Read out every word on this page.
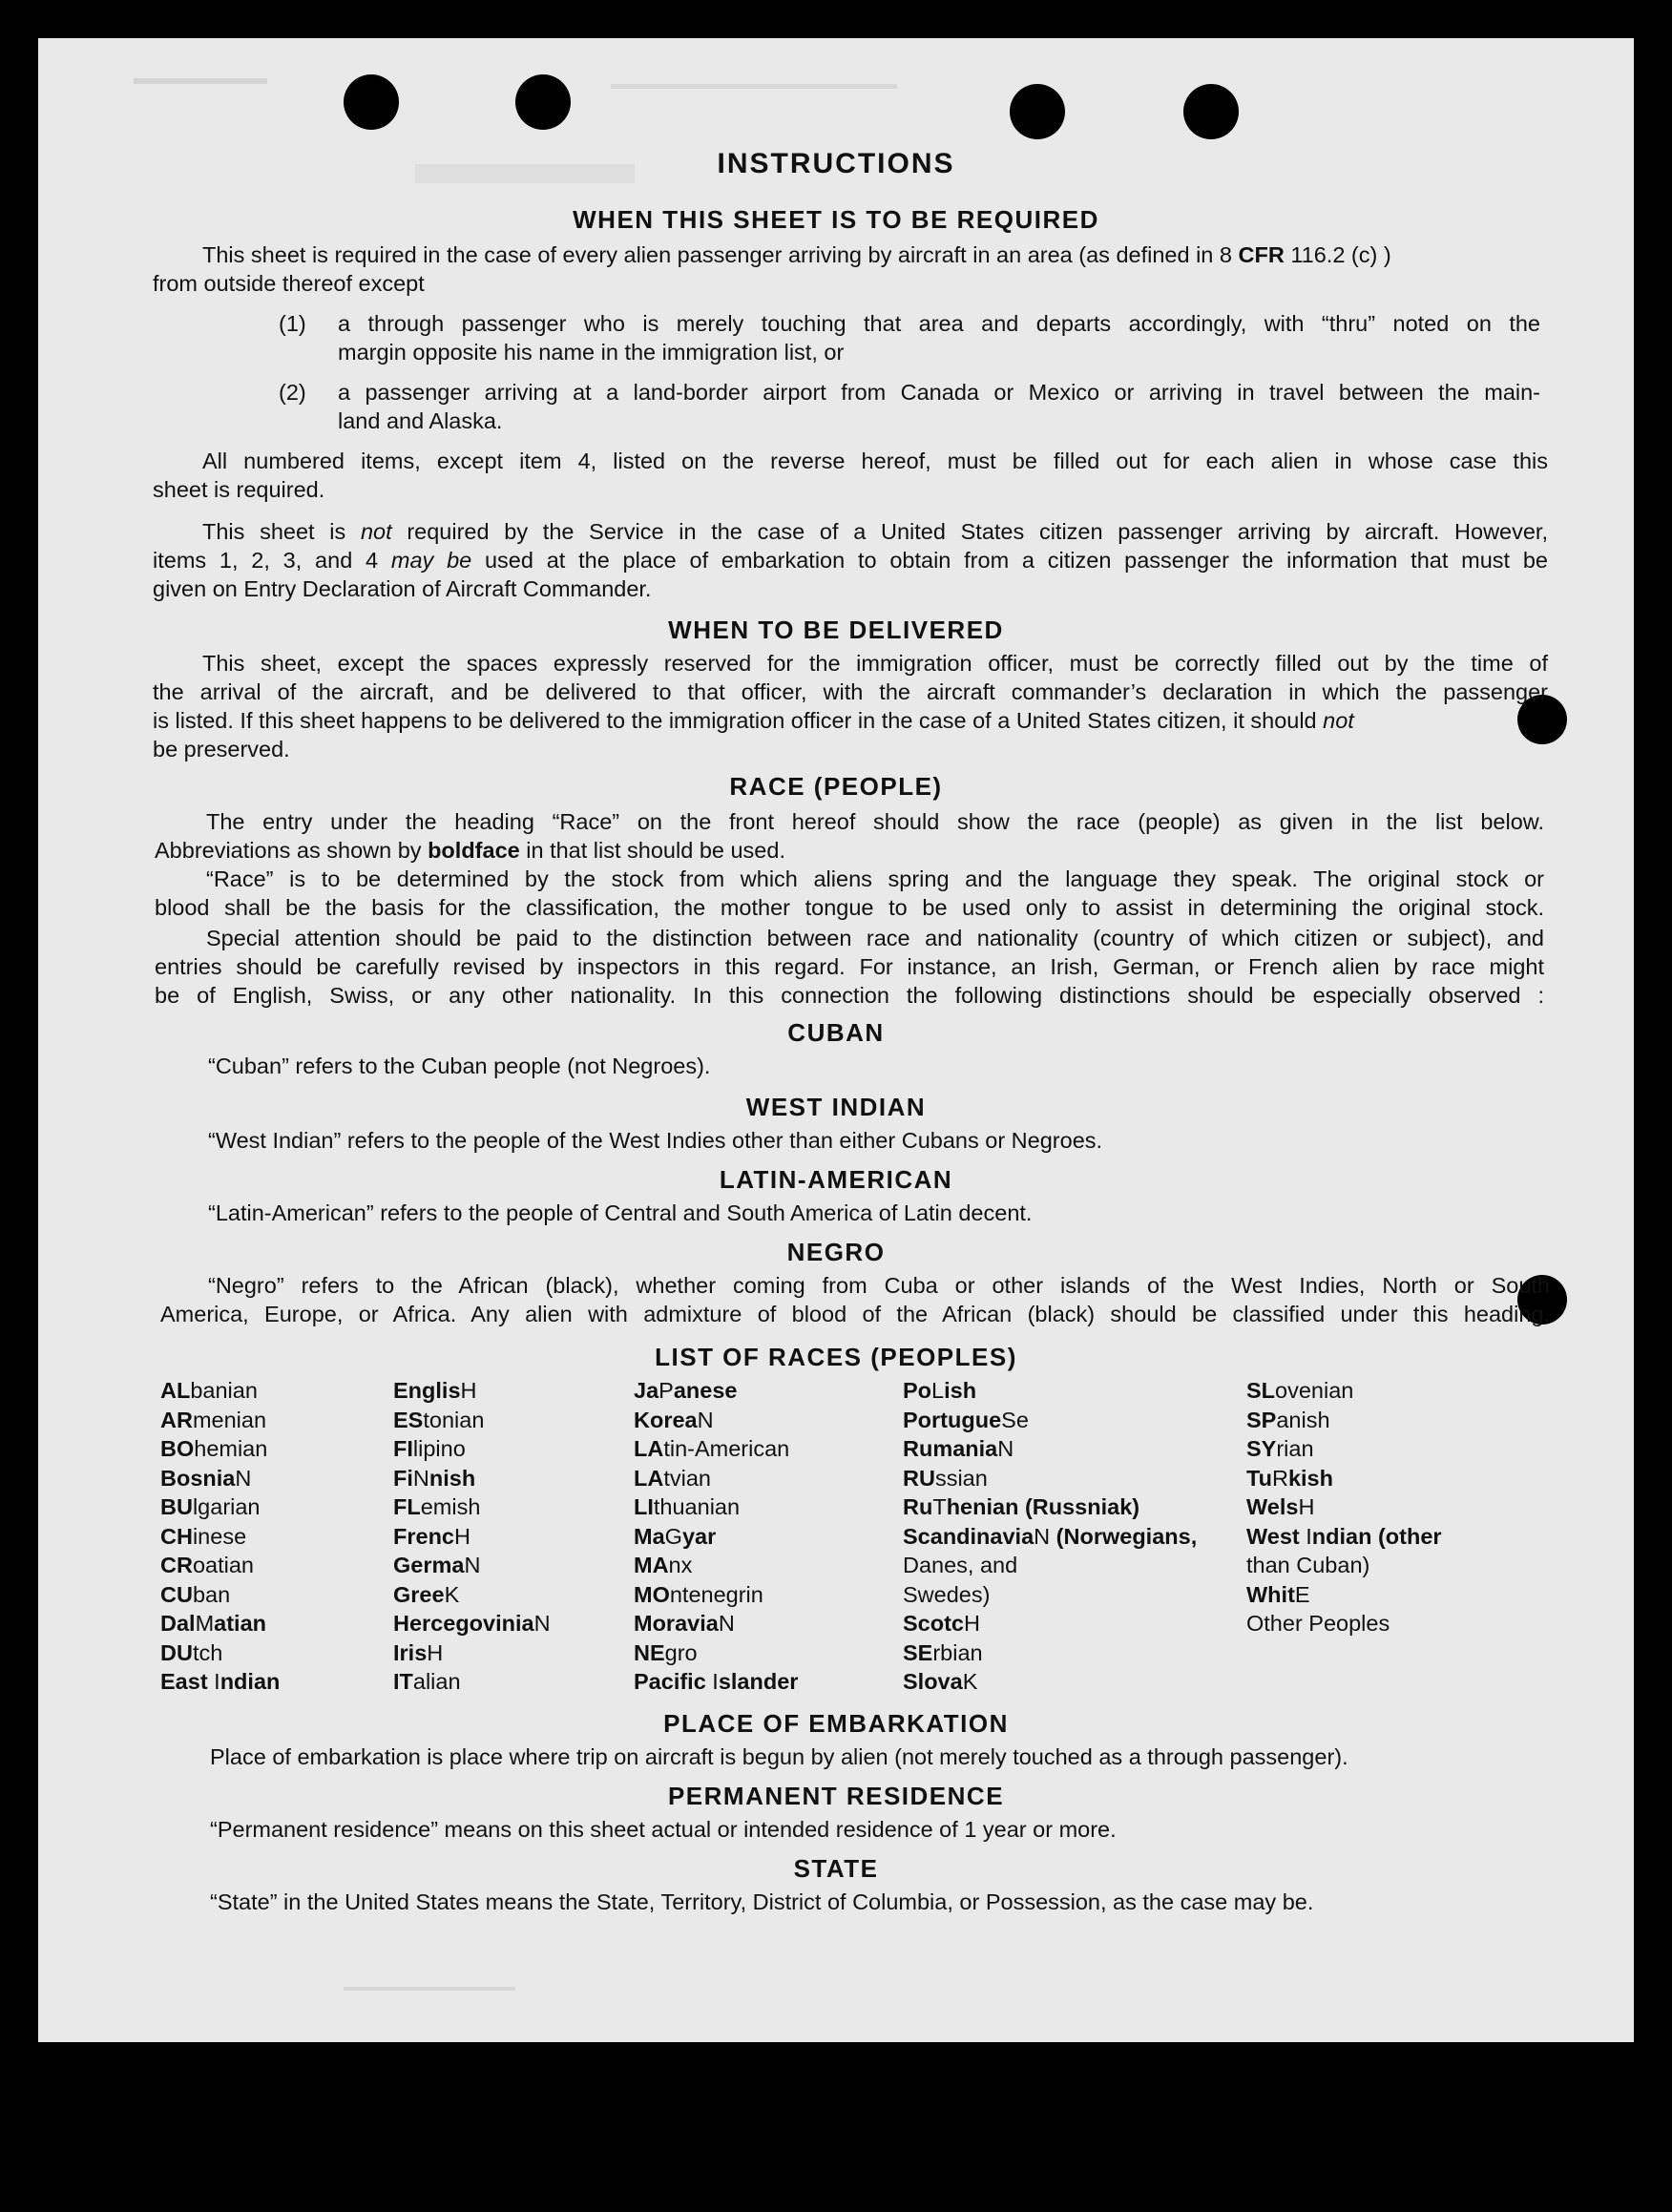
INSTRUCTIONS
WHEN THIS SHEET IS TO BE REQUIRED
This sheet is required in the case of every alien passenger arriving by aircraft in an area (as defined in 8 CFR 116.2 (c) )
from outside thereof except
(1) a through passenger who is merely touching that area and departs accordingly, with “thru” noted on the
margin opposite his name in the immigration list, or
(2) a passenger arriving at a land-border airport from Canada or Mexico or arriving in travel between the main-
land and Alaska.
All numbered items, except item 4, listed on the reverse hereof, must be filled out for each alien in whose case this
sheet is required.
This sheet is not required by the Service in the case of a United States citizen passenger arriving by aircraft. However,
items 1, 2, 3, and 4 may be used at the place of embarkation to obtain from a citizen passenger the information that must be
given on Entry Declaration of Aircraft Commander.
WHEN TO BE DELIVERED
This sheet, except the spaces expressly reserved for the immigration officer, must be correctly filled out by the time of
the arrival of the aircraft, and be delivered to that officer, with the aircraft commander’s declaration in which the passenger
is listed. If this sheet happens to be delivered to the immigration officer in the case of a United States citizen, it should not
be preserved.
RACE (PEOPLE)
The entry under the heading “Race” on the front hereof should show the race (people) as given in the list below.
Abbreviations as shown by boldface in that list should be used.
“Race” is to be determined by the stock from which aliens spring and the language they speak. The original stock or
blood shall be the basis for the classification, the mother tongue to be used only to assist in determining the original stock.
Special attention should be paid to the distinction between race and nationality (country of which citizen or subject), and
entries should be carefully revised by inspectors in this regard. For instance, an Irish, German, or French alien by race might
be of English, Swiss, or any other nationality. In this connection the following distinctions should be especially observed :
CUBAN
“Cuban” refers to the Cuban people (not Negroes).
WEST INDIAN
“West Indian” refers to the people of the West Indies other than either Cubans or Negroes.
LATIN-AMERICAN
“Latin-American” refers to the people of Central and South America of Latin decent.
NEGRO
“Negro” refers to the African (black), whether coming from Cuba or other islands of the West Indies, North or South
America, Europe, or Africa. Any alien with admixture of blood of the African (black) should be classified under this heading.
LIST OF RACES (PEOPLES)
PLACE OF EMBARKATION
Place of embarkation is place where trip on aircraft is begun by alien (not merely touched as a through passenger).
PERMANENT RESIDENCE
“Permanent residence” means on this sheet actual or intended residence of 1 year or more.
STATE
“State” in the United States means the State, Territory, District of Columbia, or Possession, as the case may be.
ALbanian
ARmenian
BOhemian
BosniaN
BUlgarian
CHinese
CRoatian
CUban
DalMatian
DUtch
East Indian
EnglisH
EStonian
FIlipino
FiNnish
FLemish
FrencH
GermaN
GreeK
HercegoviniaN
IrisH
ITalian
JaPanese
KoreaN
LAtin-American
LAtvian
LIthuanian
MaGyar
MAnx
MOntenegrin
MoraviaN
NEgro
Pacific Islander
PoLish
PortugueSe
RumaniaN
RUssian
RuThenian (Russniak)
ScandinaviaN (Norwegians,
Danes, and
Swedes)
ScotcH
SErbian
SlovaK
SLovenian
SPanish
SYrian
TuRkish
WelsH
West Indian (other
than Cuban)
WhitE
Other Peoples
